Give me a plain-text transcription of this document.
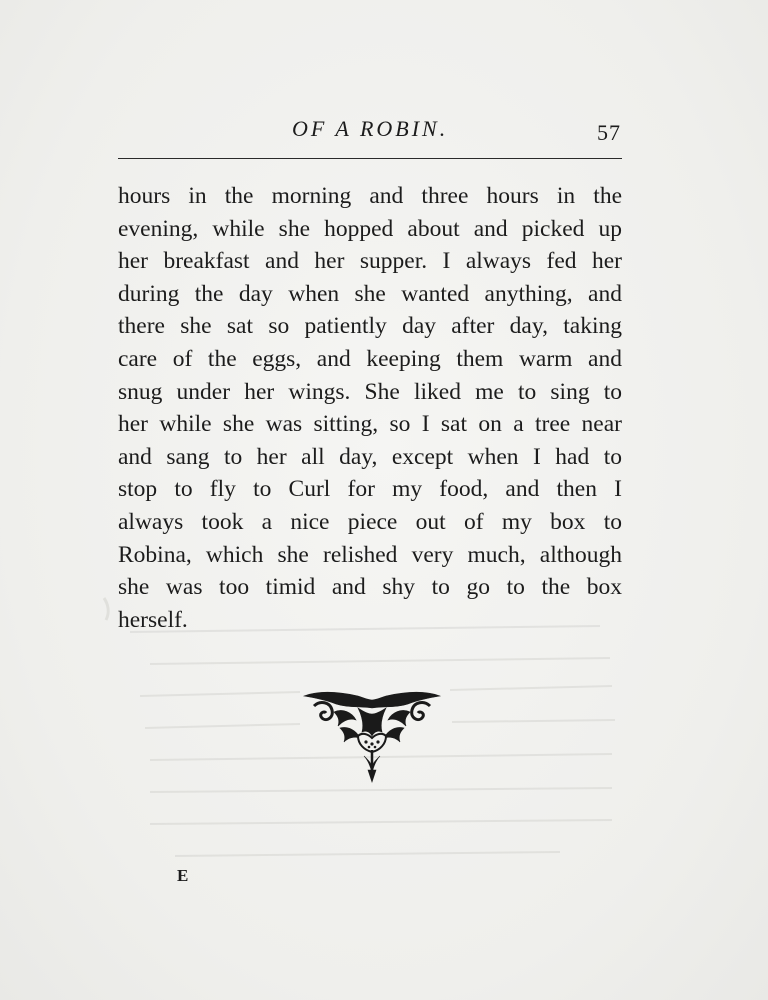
OF A ROBIN.	57

hours in the morning and three hours in the
evening, while she hopped about and picked up
her breakfast and her supper. I always fed her
during the day when she wanted anything, and
there she sat so patiently day after day, taking
care of the eggs, and keeping them warm and
snug under her wings. She liked me to sing to
her while she was sitting, so I sat on a tree near
and sang to her all day, except when I had to
stop to fly to Curl for my food, and then I
always took a nice piece out of my box to
Robina, which she relished very much, although
she was too timid and shy to go to the box
herself.

E
